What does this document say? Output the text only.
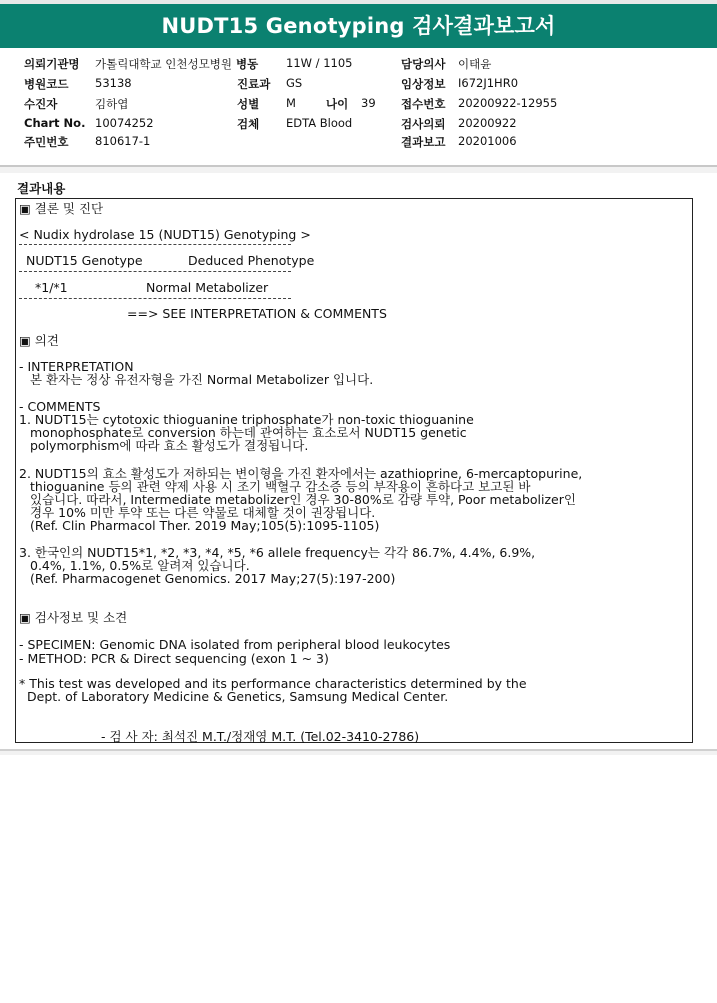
NUDT15 Genotyping 검사결과보고서
의뢰기관명 가톨릭대학교 인천성모병원 병동 11W / 1105	담당의사 이태윤
병원코드 53138	진료과 GS	임상정보 I672J1HR0
수진자	김하엽	성별 M	나이 39 접수번호 20200922-12955
Chart No. 10074252	검체 EDTA Blood	검사의뢰 20200922
주민번호 810617-1	결과보고 20201006
결과내용
▣ 결론 및 진단
< Nudix hydrolase 15 (NUDT15) Genotyping >
NUDT15 Genotype	Deduced Phenotype
*1/*1	Normal Metabolizer
==> SEE INTERPRETATION & COMMENTS
▣ 의견
- INTERPRETATION
본 환자는 정상 유전자형을 가진 Normal Metabolizer 입니다.
- COMMENTS
1. NUDT15는 cytotoxic thioguanine triphosphate가 non-toxic thioguanine
monophosphate로 conversion 하는데 관여하는 효소로서 NUDT15 genetic
polymorphism에 따라 효소 활성도가 결정됩니다.
2. NUDT15의 효소 활성도가 저하되는 변이형을 가진 환자에서는 azathioprine, 6-mercaptopurine,
thioguanine 등의 관련 약제 사용 시 조기 백혈구 감소증 등의 부작용이 흔하다고 보고된 바
있습니다. 따라서, Intermediate metabolizer인 경우 30-80%로 감량 투약, Poor metabolizer인
경우 10% 미만 투약 또는 다른 약물로 대체할 것이 권장됩니다.
(Ref. Clin Pharmacol Ther. 2019 May;105(5):1095-1105)
3. 한국인의 NUDT15*1, *2, *3, *4, *5, *6 allele frequency는 각각 86.7%, 4.4%, 6.9%,
0.4%, 1.1%, 0.5%로 알려져 있습니다.
(Ref. Pharmacogenet Genomics. 2017 May;27(5):197-200)
▣ 검사정보 및 소견
- SPECIMEN: Genomic DNA isolated from peripheral blood leukocytes
- METHOD: PCR & Direct sequencing (exon 1 ~ 3)
* This test was developed and its performance characteristics determined by the
Dept. of Laboratory Medicine & Genetics, Samsung Medical Center.
- 검 사 자: 최석진 M.T./정재영 M.T. (Tel.02-3410-2786)
